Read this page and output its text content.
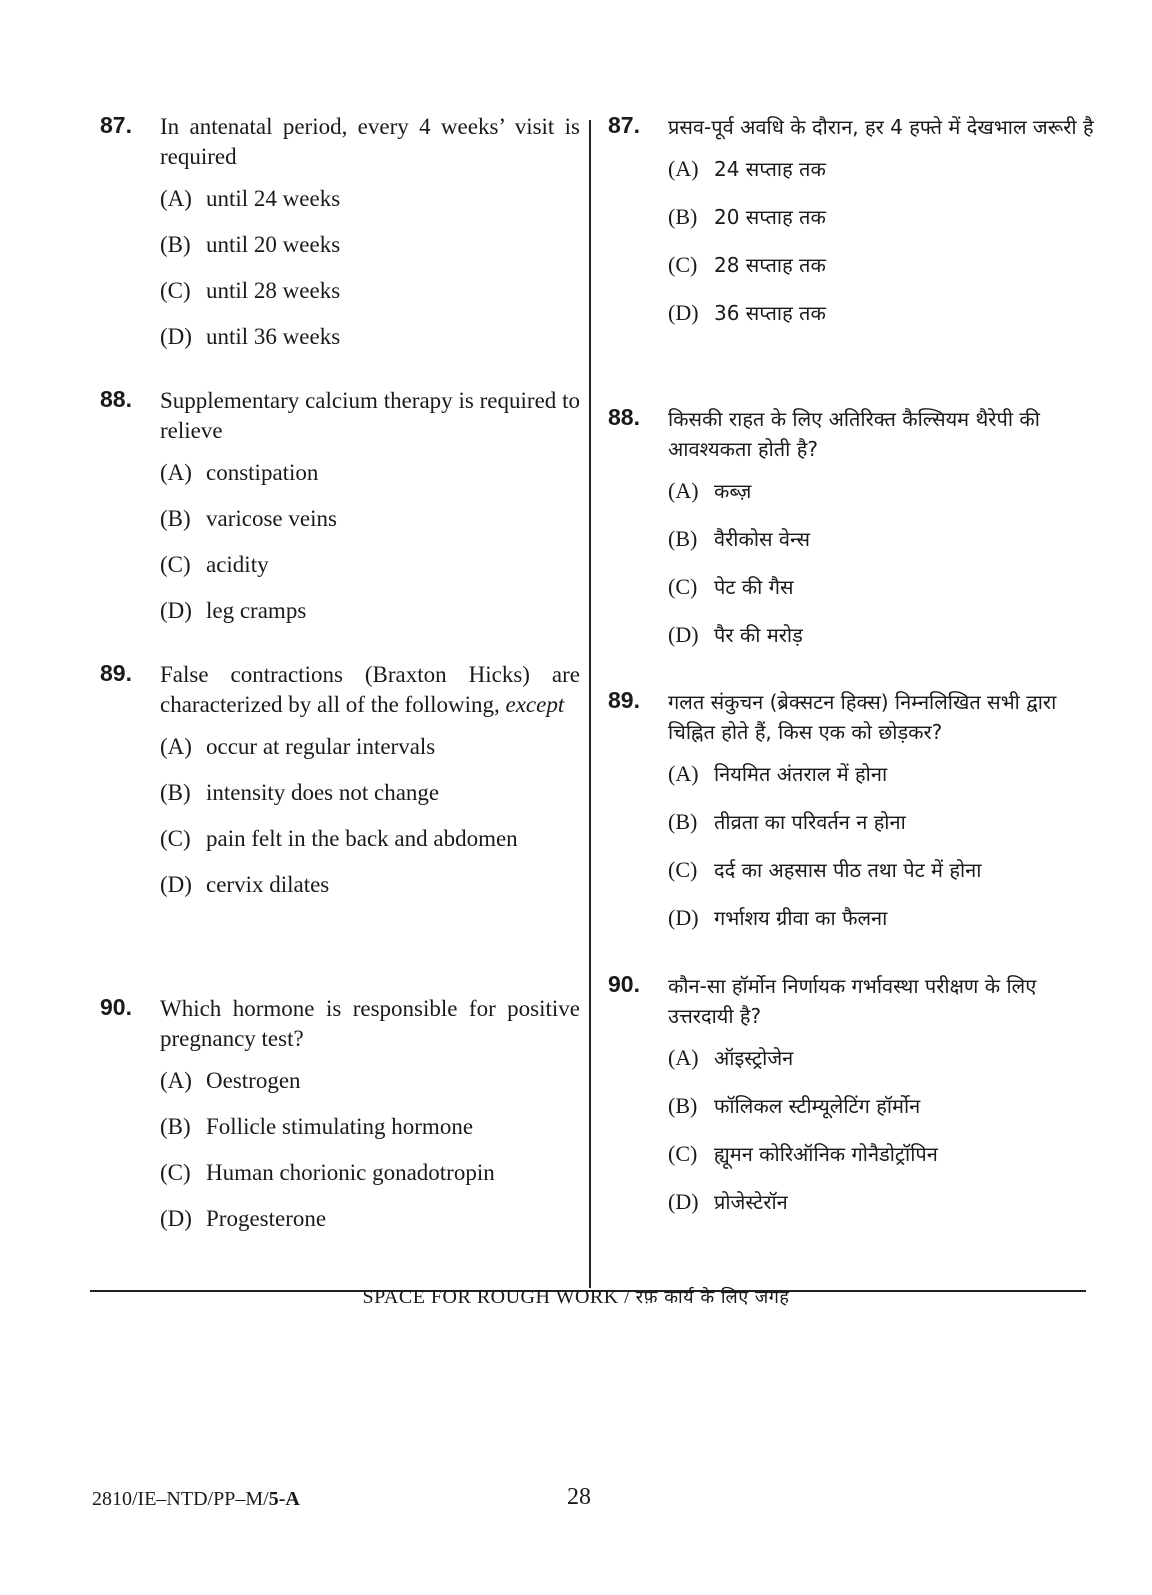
87. In antenatal period, every 4 weeks’ visit is required
(A) until 24 weeks
(B) until 20 weeks
(C) until 28 weeks
(D) until 36 weeks
88. Supplementary calcium therapy is required to relieve
(A) constipation
(B) varicose veins
(C) acidity
(D) leg cramps
89. False contractions (Braxton Hicks) are characterized by all of the following, except
(A) occur at regular intervals
(B) intensity does not change
(C) pain felt in the back and abdomen
(D) cervix dilates
90. Which hormone is responsible for positive pregnancy test?
(A) Oestrogen
(B) Follicle stimulating hormone
(C) Human chorionic gonadotropin
(D) Progesterone
87. प्रसव-पूर्व अवधि के दौरान, हर 4 हफ्ते में देखभाल जरूरी है
(A) 24 सप्ताह तक
(B) 20 सप्ताह तक
(C) 28 सप्ताह तक
(D) 36 सप्ताह तक
88. किसकी राहत के लिए अतिरिक्त कैल्सियम थैरेपी की आवश्यकता होती है?
(A) कब्ज़
(B) वैरीकोस वेन्स
(C) पेट की गैस
(D) पैर की मरोड़
89. गलत संकुचन (ब्रेक्सटन हिक्स) निम्नलिखित सभी द्वारा चिह्नित होते हैं, किस एक को छोड़कर?
(A) नियमित अंतराल में होना
(B) तीव्रता का परिवर्तन न होना
(C) दर्द का अहसास पीठ तथा पेट में होना
(D) गर्भाशय ग्रीवा का फैलना
90. कौन-सा हॉर्मोन निर्णायक गर्भावस्था परीक्षण के लिए उत्तरदायी है?
(A) ऑइस्ट्रोजेन
(B) फॉलिकल स्टीम्यूलेटिंग हॉर्मोन
(C) ह्यूमन कोरिऑनिक गोनैडोट्रॉपिन
(D) प्रोजेस्टेरॉन
SPACE FOR ROUGH WORK / रफ़ कार्य के लिए जगह
2810/IE–NTD/PP–M/5-A	28
